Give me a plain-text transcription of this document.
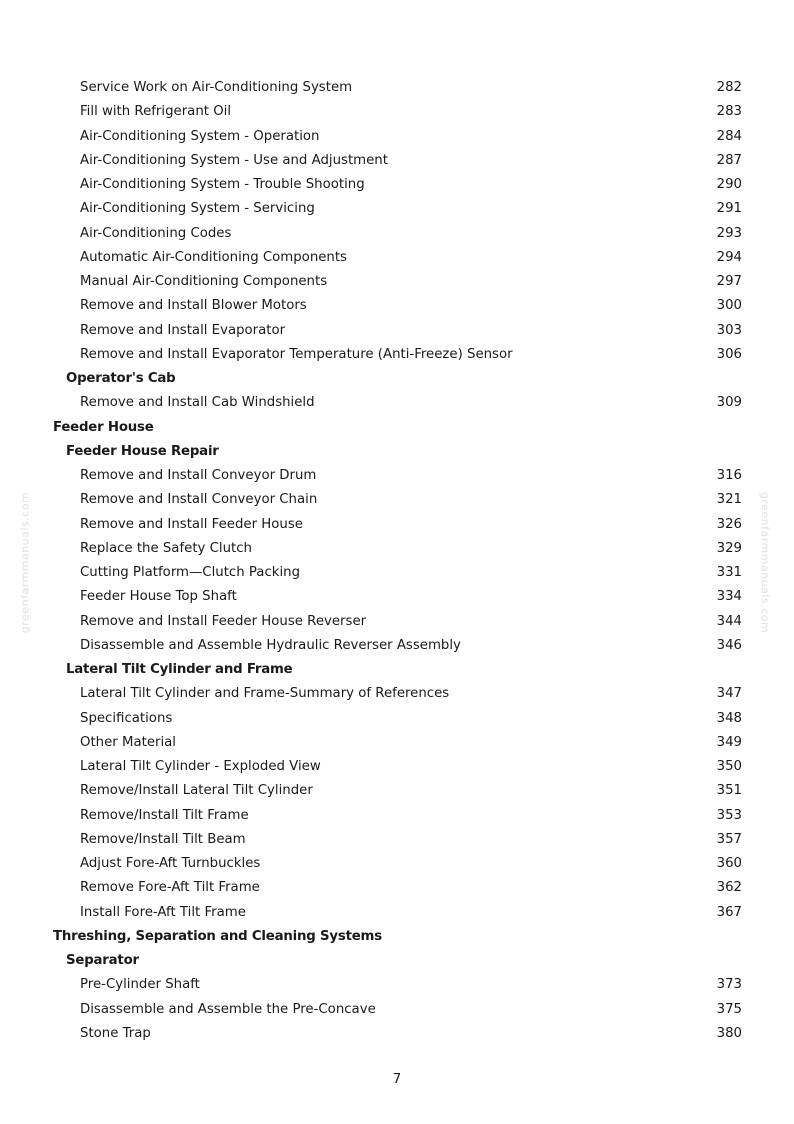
greenfarmmanuals.com	greenfarmmanuals.com
Service Work on Air-Conditioning System	282
Fill with Refrigerant Oil	283
Air-Conditioning System - Operation	284
Air-Conditioning System - Use and Adjustment	287
Air-Conditioning System - Trouble Shooting	290
Air-Conditioning System - Servicing	291
Air-Conditioning Codes	293
Automatic Air-Conditioning Components	294
Manual Air-Conditioning Components	297
Remove and Install Blower Motors	300
Remove and Install Evaporator	303
Remove and Install Evaporator Temperature (Anti-Freeze) Sensor	306
Operator's Cab
Remove and Install Cab Windshield	309
Feeder House
Feeder House Repair
Remove and Install Conveyor Drum	316
Remove and Install Conveyor Chain	321
Remove and Install Feeder House	326
Replace the Safety Clutch	329
Cutting Platform—Clutch Packing	331
Feeder House Top Shaft	334
Remove and Install Feeder House Reverser	344
Disassemble and Assemble Hydraulic Reverser Assembly	346
Lateral Tilt Cylinder and Frame
Lateral Tilt Cylinder and Frame-Summary of References	347
Specifications	348
Other Material	349
Lateral Tilt Cylinder - Exploded View	350
Remove/Install Lateral Tilt Cylinder	351
Remove/Install Tilt Frame	353
Remove/Install Tilt Beam	357
Adjust Fore-Aft Turnbuckles	360
Remove Fore-Aft Tilt Frame	362
Install Fore-Aft Tilt Frame	367
Threshing, Separation and Cleaning Systems
Separator
Pre-Cylinder Shaft	373
Disassemble and Assemble the Pre-Concave	375
Stone Trap	380
7
